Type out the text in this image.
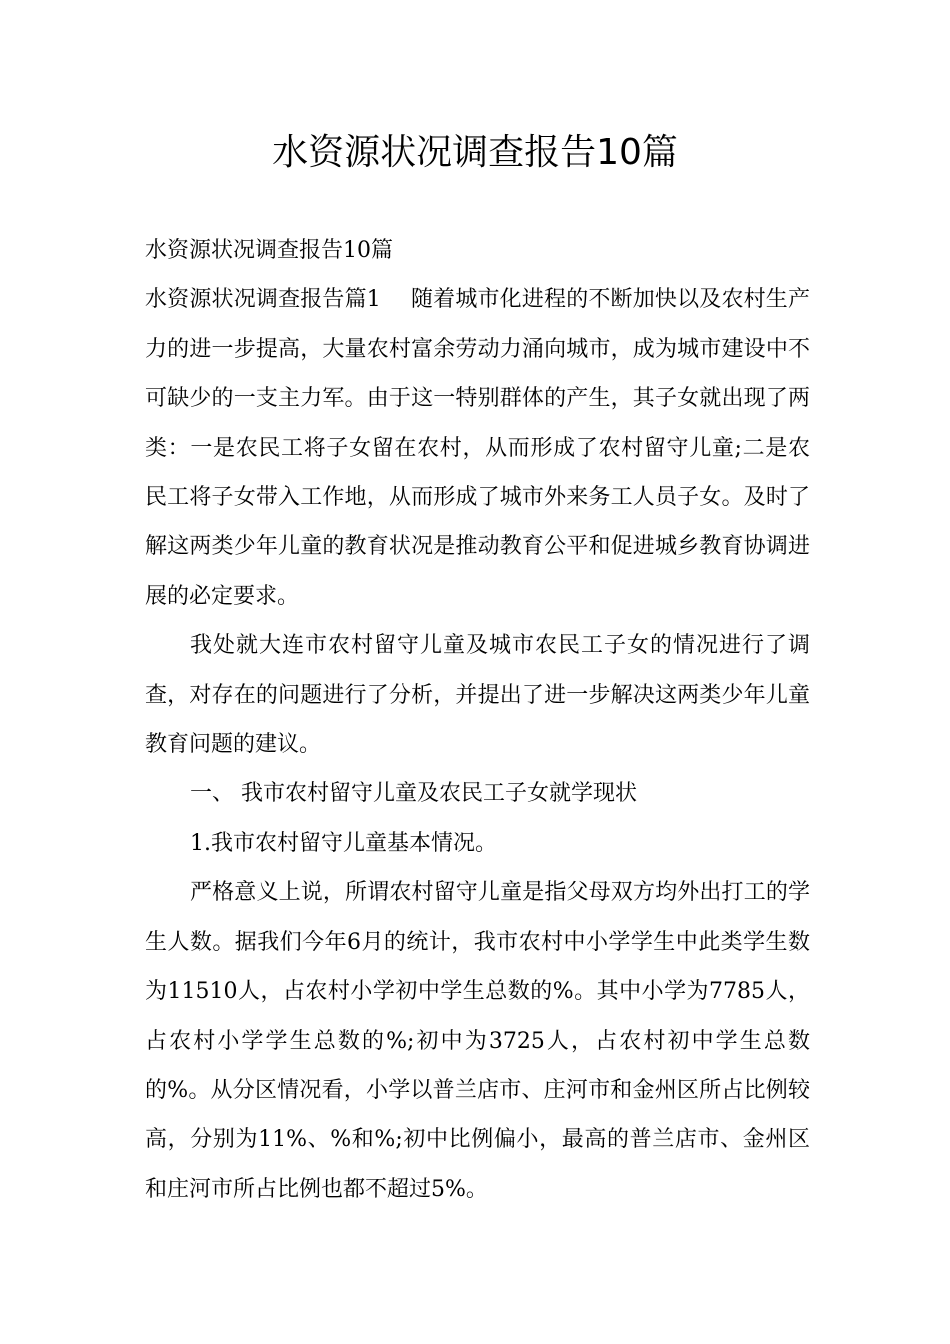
水资源状况调查报告10篇

水资源状况调查报告10篇

水资源状况调查报告篇1 随着城市化进程的不断加快以及农村生产力的进一步提高，大量农村富余劳动力涌向城市，成为城市建设中不可缺少的一支主力军。由于这一特别群体的产生，其子女就出现了两类：一是农民工将子女留在农村，从而形成了农村留守儿童;二是农民工将子女带入工作地，从而形成了城市外来务工人员子女。及时了解这两类少年儿童的教育状况是推动教育公平和促进城乡教育协调进展的必定要求。

我处就大连市农村留守儿童及城市农民工子女的情况进行了调查，对存在的问题进行了分析，并提出了进一步解决这两类少年儿童教育问题的建议。

一、 我市农村留守儿童及农民工子女就学现状

1.我市农村留守儿童基本情况。

严格意义上说，所谓农村留守儿童是指父母双方均外出打工的学生人数。据我们今年6月的统计，我市农村中小学学生中此类学生数为11510人，占农村小学初中学生总数的%。其中小学为7785人，占农村小学学生总数的%;初中为3725人，占农村初中学生总数的%。从分区情况看，小学以普兰店市、庄河市和金州区所占比例较高，分别为11%、%和%;初中比例偏小，最高的普兰店市、金州区和庄河市所占比例也都不超过5%。
